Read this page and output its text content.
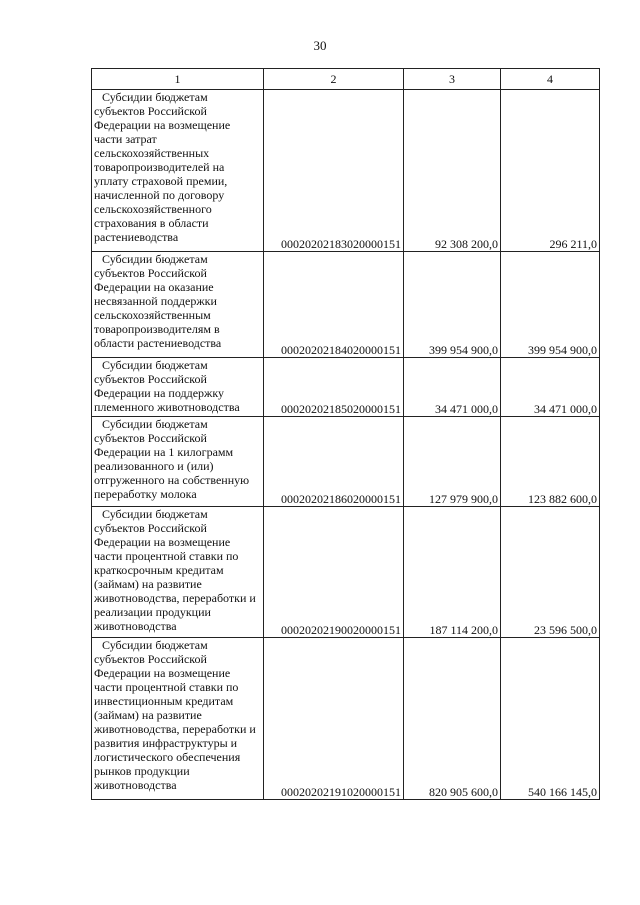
30
1	2	3	4
Субсидии бюджетам субъектов Российской Федерации на возмещение части затрат сельскохозяйственных товаропроизводителей на уплату страховой премии, начисленной по договору сельскохозяйственного страхования в области растениеводства	00020202183020000151	92 308 200,0	296 211,0
Субсидии бюджетам субъектов Российской Федерации на оказание несвязанной поддержки сельскохозяйственным товаропроизводителям в области растениеводства	00020202184020000151	399 954 900,0	399 954 900,0
Субсидии бюджетам субъектов Российской Федерации на поддержку племенного животноводства	00020202185020000151	34 471 000,0	34 471 000,0
Субсидии бюджетам субъектов Российской Федерации на 1 килограмм реализованного и (или) отгруженного на собственную переработку молока	00020202186020000151	127 979 900,0	123 882 600,0
Субсидии бюджетам субъектов Российской Федерации на возмещение части процентной ставки по краткосрочным кредитам (займам) на развитие животноводства, переработки и реализации продукции животноводства	00020202190020000151	187 114 200,0	23 596 500,0
Субсидии бюджетам субъектов Российской Федерации на возмещение части процентной ставки по инвестиционным кредитам (займам) на развитие животноводства, переработки и развития инфраструктуры и логистического обеспечения рынков продукции животноводства	00020202191020000151	820 905 600,0	540 166 145,0
